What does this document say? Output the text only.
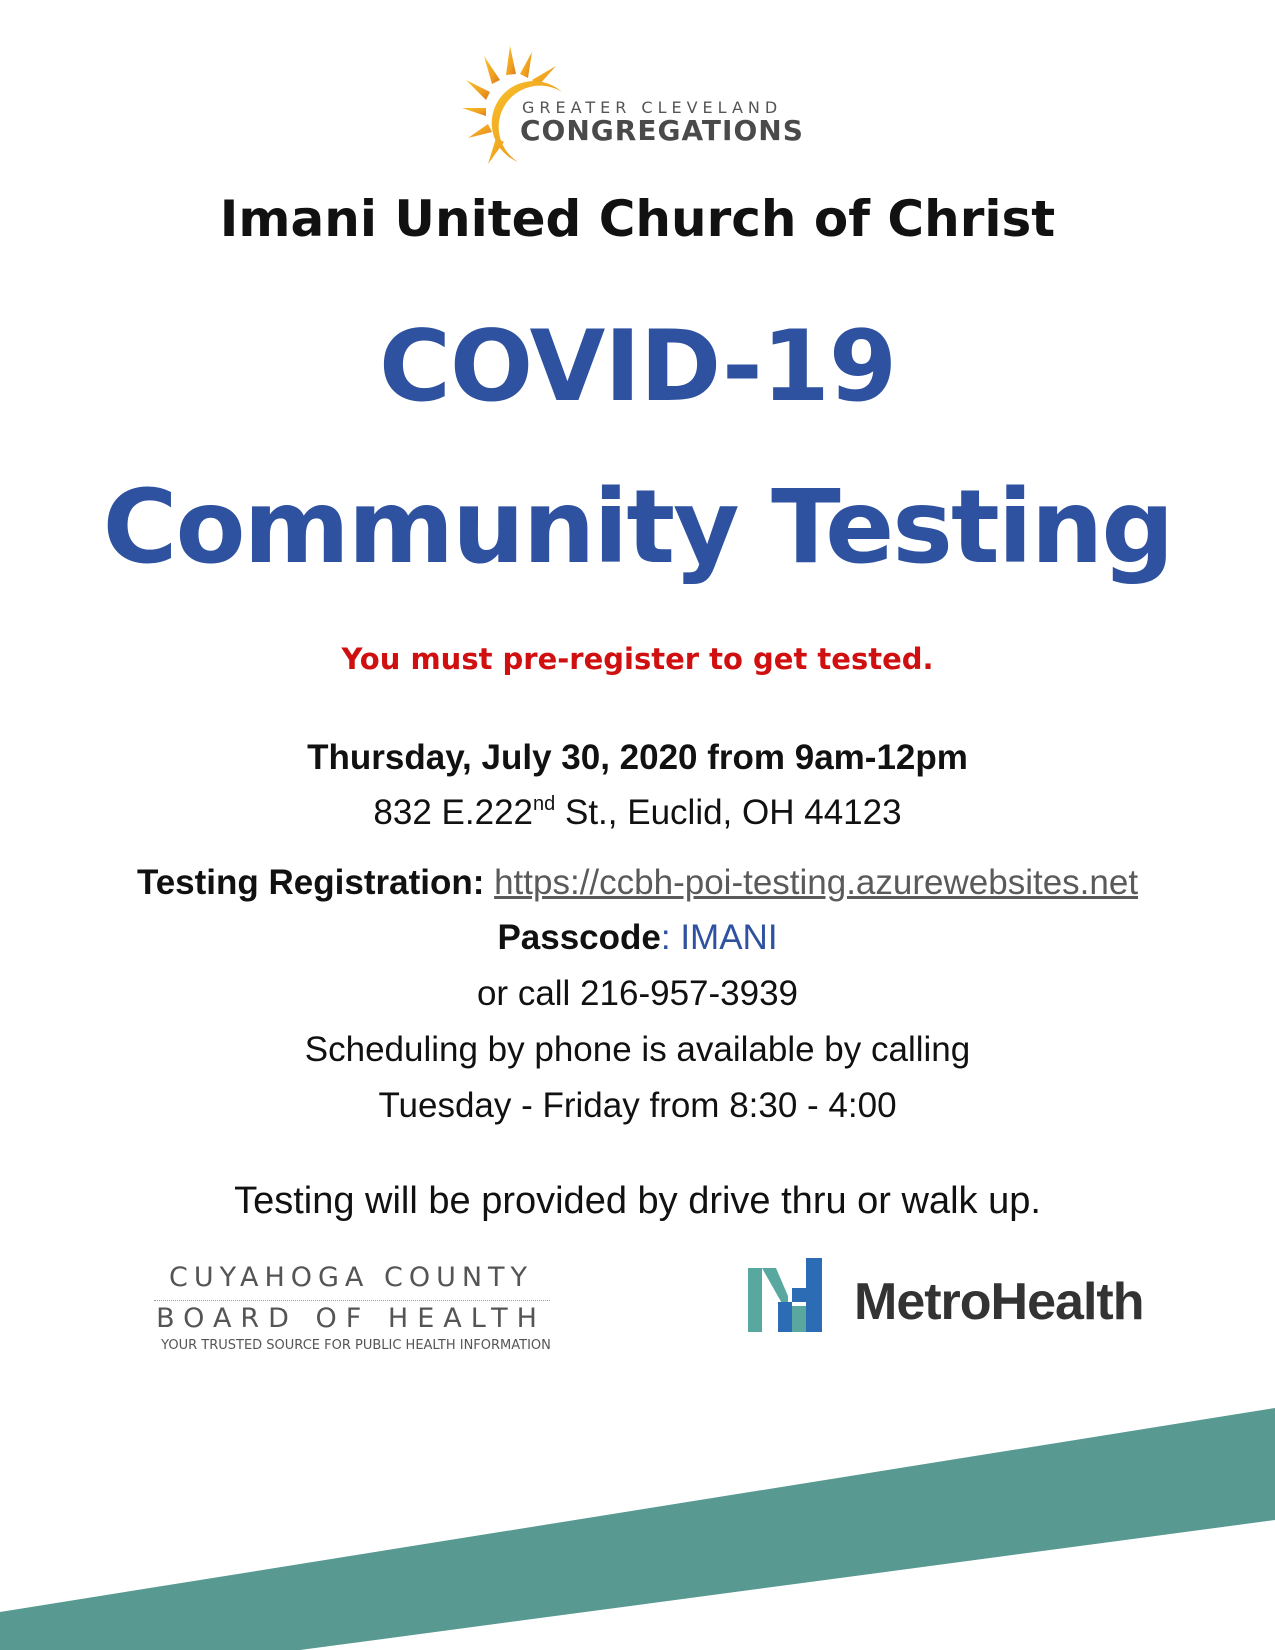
GREATER CLEVELAND
CONGREGATIONS
Imani United Church of Christ
COVID-19
Community Testing
You must pre-register to get tested.
Thursday, July 30, 2020 from 9am-12pm
832 E.222nd St., Euclid, OH 44123
Testing Registration: https://ccbh-poi-testing.azurewebsites.net
Passcode: IMANI
or call 216-957-3939
Scheduling by phone is available by calling
Tuesday - Friday from 8:30 - 4:00
Testing will be provided by drive thru or walk up.
CUYAHOGA COUNTY
BOARD OF HEALTH
YOUR TRUSTED SOURCE FOR PUBLIC HEALTH INFORMATION
MetroHealth
